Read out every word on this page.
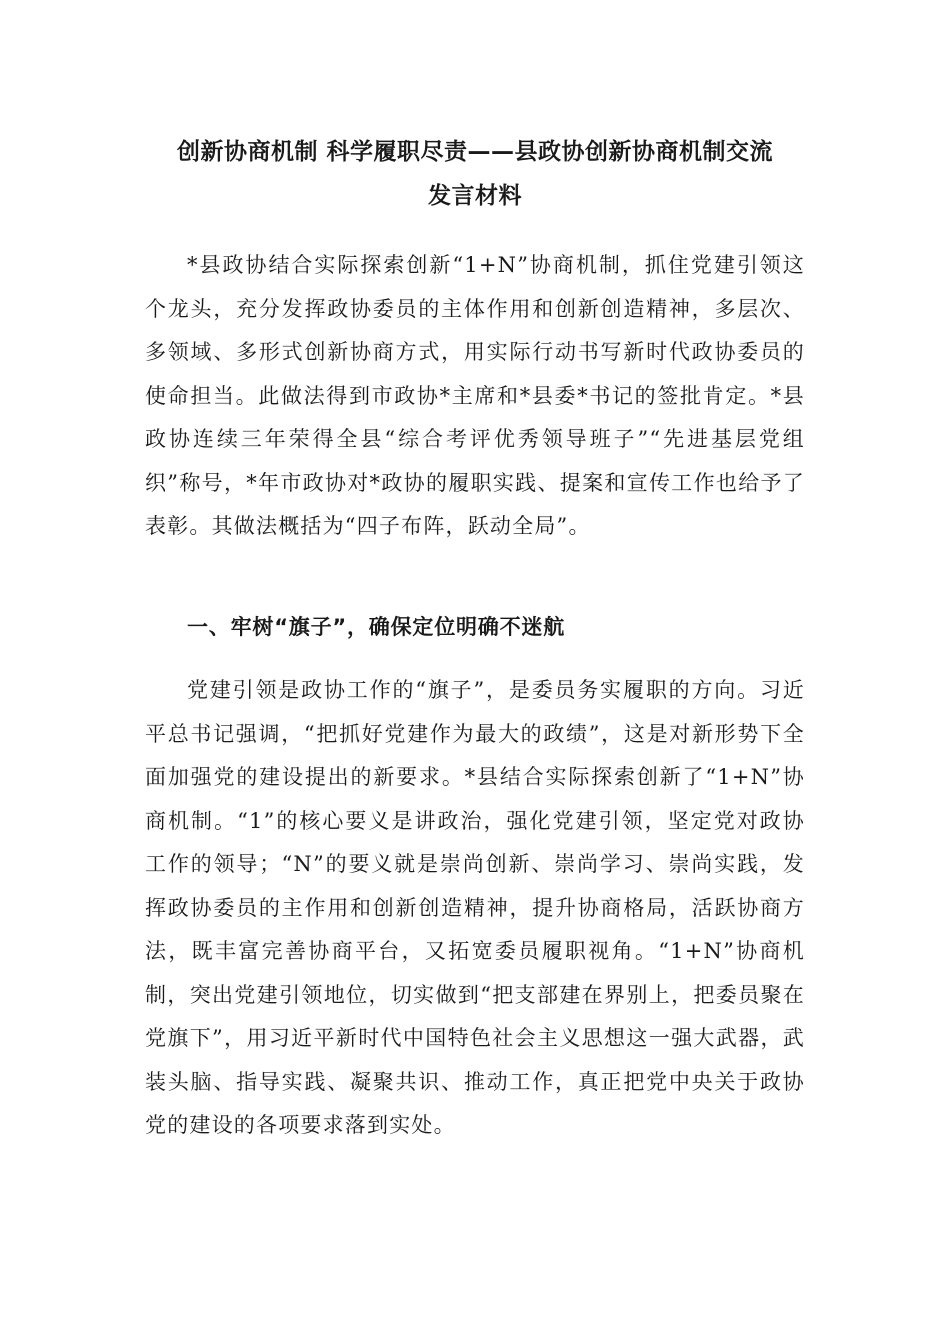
创新协商机制 科学履职尽责——县政协创新协商机制交流
发言材料

*县政协结合实际探索创新“1+N”协商机制，抓住党建引领这个龙头，充分发挥政协委员的主体作用和创新创造精神，多层次、多领域、多形式创新协商方式，用实际行动书写新时代政协委员的使命担当。此做法得到市政协*主席和*县委*书记的签批肯定。*县政协连续三年荣得全县“综合考评优秀领导班子”“先进基层党组织”称号，*年市政协对*政协的履职实践、提案和宣传工作也给予了表彰。其做法概括为“四子布阵，跃动全局”。

一、牢树“旗子”，确保定位明确不迷航

党建引领是政协工作的“旗子”，是委员务实履职的方向。习近平总书记强调，“把抓好党建作为最大的政绩”，这是对新形势下全面加强党的建设提出的新要求。*县结合实际探索创新了“1+N”协商机制。“1”的核心要义是讲政治，强化党建引领，坚定党对政协工作的领导；“N”的要义就是崇尚创新、崇尚学习、崇尚实践，发挥政协委员的主作用和创新创造精神，提升协商格局，活跃协商方法，既丰富完善协商平台，又拓宽委员履职视角。“1+N”协商机制，突出党建引领地位，切实做到“把支部建在界别上，把委员聚在党旗下”，用习近平新时代中国特色社会主义思想这一强大武器，武装头脑、指导实践、凝聚共识、推动工作，真正把党中央关于政协党的建设的各项要求落到实处。
